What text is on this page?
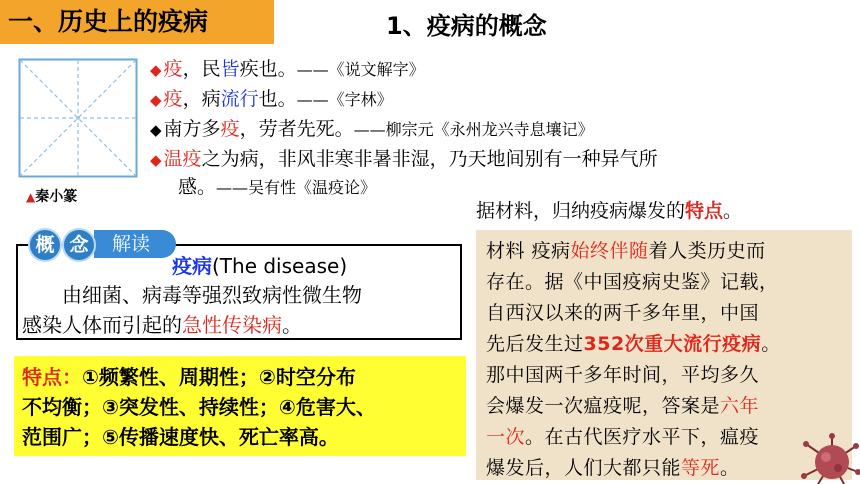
一、历史上的疫病	1、疫病的概念
▲秦小篆
◆ 疫，民皆疾也。——《说文解字》
◆ 疫，病流行也。——《字林》
◆ 南方多疫，劳者先死。——柳宗元《永州龙兴寺息壤记》
◆ 温疫之为病，非风非寒非暑非湿，乃天地间别有一种异气所
感。——吴有性《温疫论》
据材料，归纳疫病爆发的特点。
解读
概 念
疫病(The disease)
　　由细菌、病毒等强烈致病性微生物
感染人体而引起的急性传染病。
特点：①频繁性、周期性；②时空分布
不均衡；③突发性、持续性；④危害大、
范围广；⑤传播速度快、死亡率高。
材料 疫病始终伴随着人类历史而
存在。据《中国疫病史鉴》记载，
自西汉以来的两千多年里，中国
先后发生过352次重大流行疫病。
那中国两千多年时间，平均多久
会爆发一次瘟疫呢，答案是六年
一次。在古代医疗水平下，瘟疫
爆发后，人们大都只能等死。
